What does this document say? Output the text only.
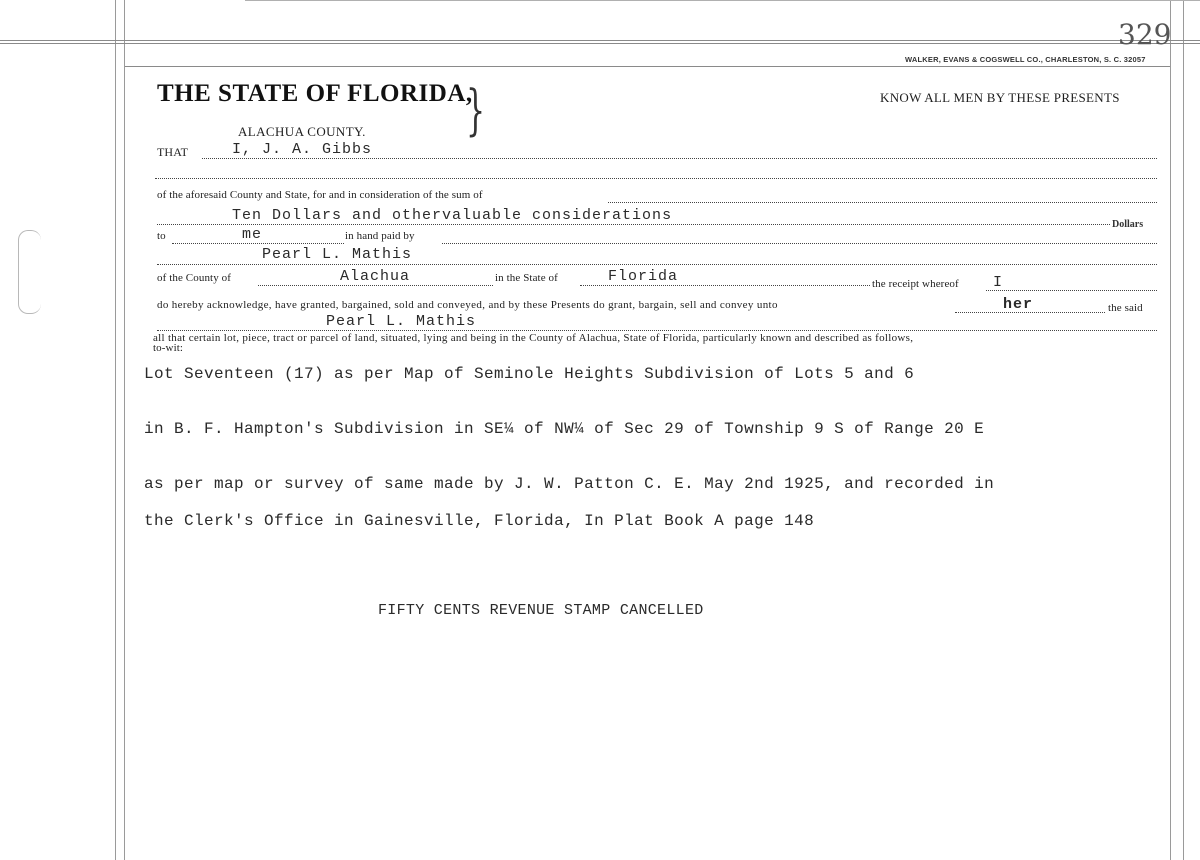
329
WALKER, EVANS & COGSWELL CO., CHARLESTON, S. C. 32057
THE STATE OF FLORIDA,
}	KNOW ALL MEN BY THESE PRESENTS
ALACHUA COUNTY.
THAT	I, J. A. Gibbs
of the aforesaid County and State, for and in consideration of the sum of
Ten Dollars and othervaluable considerations
Dollars
to	me	in hand paid by
Pearl L. Mathis
of the County of	Alachua	in the State of	Florida	the receipt whereof I
do hereby acknowledge, have granted, bargained, sold and conveyed, and by these Presents do grant, bargain, sell and convey unto	her	the said
Pearl L. Mathis
all that certain lot, piece, tract or parcel of land, situated, lying and being in the County of Alachua, State of Florida, particularly known and described as follows,
to-wit:
Lot Seventeen (17) as per Map of Seminole Heights Subdivision of Lots 5 and 6
in B. F. Hampton's Subdivision in SE¼ of NW¼ of Sec 29 of Township 9 S of Range 20 E
as per map or survey of same made by J. W. Patton C. E. May 2nd 1925, and recorded in
the Clerk's Office in Gainesville, Florida, In Plat Book A page 148
FIFTY CENTS REVENUE STAMP CANCELLED
